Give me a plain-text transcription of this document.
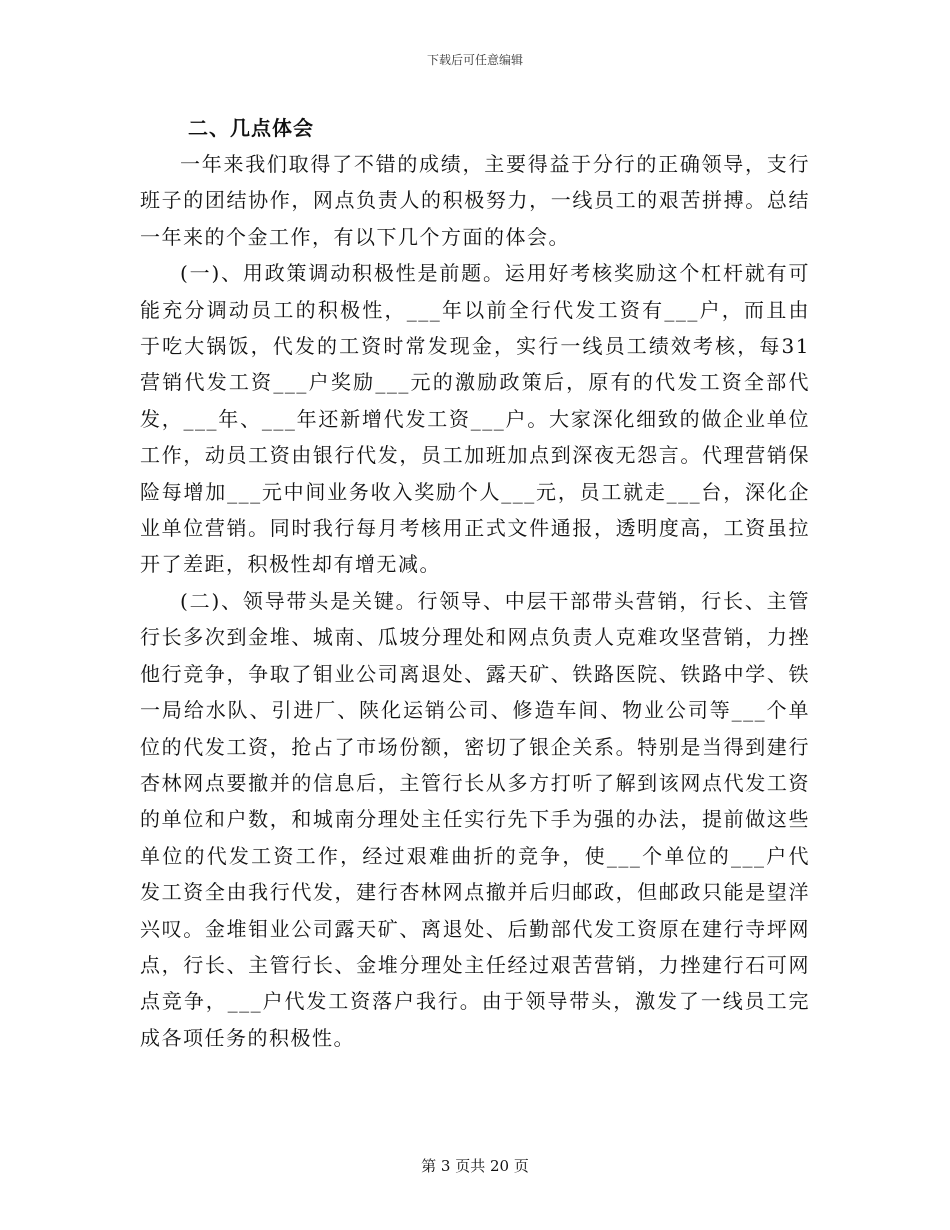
下载后可任意编辑
二、几点体会

一年来我们取得了不错的成绩，主要得益于分行的正确领导，支行班子的团结协作，网点负责人的积极努力，一线员工的艰苦拼搏。总结一年来的个金工作，有以下几个方面的体会。

(一)、用政策调动积极性是前题。运用好考核奖励这个杠杆就有可能充分调动员工的积极性，___年以前全行代发工资有___户，而且由于吃大锅饭，代发的工资时常发现金，实行一线员工绩效考核，每31营销代发工资___户奖励___元的激励政策后，原有的代发工资全部代发，___年、___年还新增代发工资___户。大家深化细致的做企业单位工作，动员工资由银行代发，员工加班加点到深夜无怨言。代理营销保险每增加___元中间业务收入奖励个人___元，员工就走___台，深化企业单位营销。同时我行每月考核用正式文件通报，透明度高，工资虽拉开了差距，积极性却有增无减。

(二)、领导带头是关键。行领导、中层干部带头营销，行长、主管行长多次到金堆、城南、瓜坡分理处和网点负责人克难攻坚营销，力挫他行竞争，争取了钼业公司离退处、露天矿、铁路医院、铁路中学、铁一局给水队、引进厂、陕化运销公司、修造车间、物业公司等___个单位的代发工资，抢占了市场份额，密切了银企关系。特别是当得到建行杏林网点要撤并的信息后，主管行长从多方打听了解到该网点代发工资的单位和户数，和城南分理处主任实行先下手为强的办法，提前做这些单位的代发工资工作，经过艰难曲折的竞争，使___个单位的___户代发工资全由我行代发，建行杏林网点撤并后归邮政，但邮政只能是望洋兴叹。金堆钼业公司露天矿、离退处、后勤部代发工资原在建行寺坪网点，行长、主管行长、金堆分理处主任经过艰苦营销，力挫建行石可网点竞争，___户代发工资落户我行。由于领导带头，激发了一线员工完成各项任务的积极性。

第 3 页共 20 页
